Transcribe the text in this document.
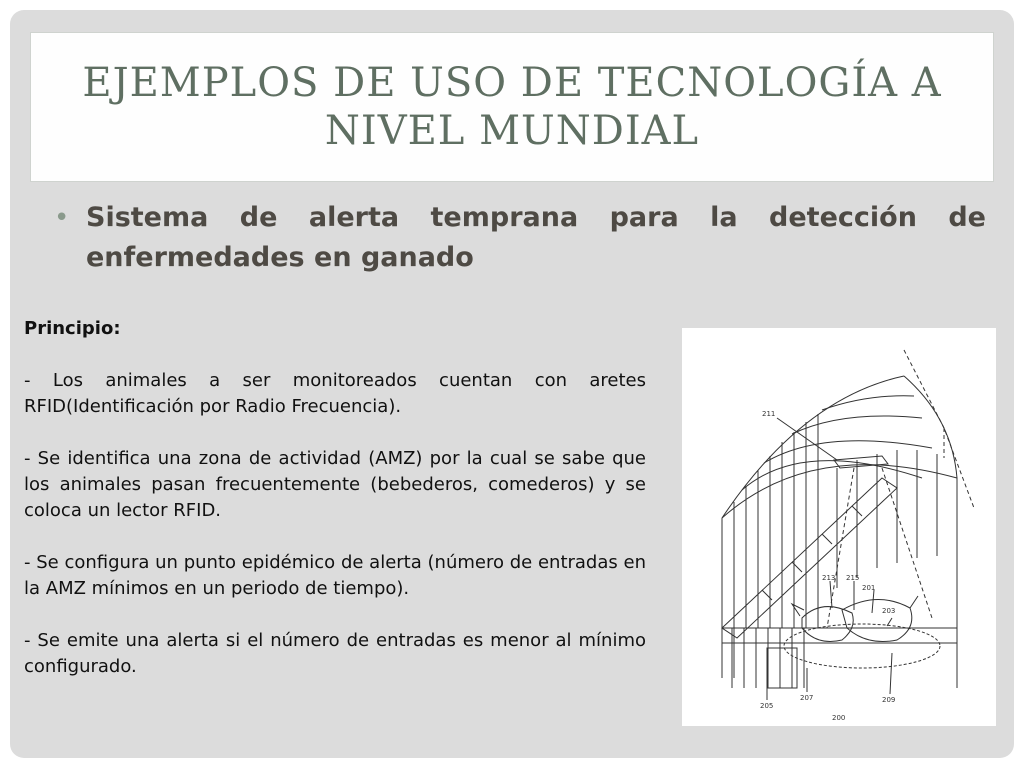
EJEMPLOS DE USO DE TECNOLOGÍA A NIVEL MUNDIAL
• Sistema de alerta temprana para la detección de enfermedades en ganado

Principio:

- Los animales a ser monitoreados cuentan con aretes RFID(Identificación por Radio Frecuencia).

- Se identifica una zona de actividad (AMZ) por la cual se sabe que los animales pasan frecuentemente (bebederos, comederos) y se coloca un lector RFID.

- Se configura un punto epidémico de alerta (número de entradas en la AMZ mínimos en un periodo de tiempo).

- Se emite una alerta si el número de entradas es menor al mínimo configurado.

211
213 215
201
203
205
207	209
200
